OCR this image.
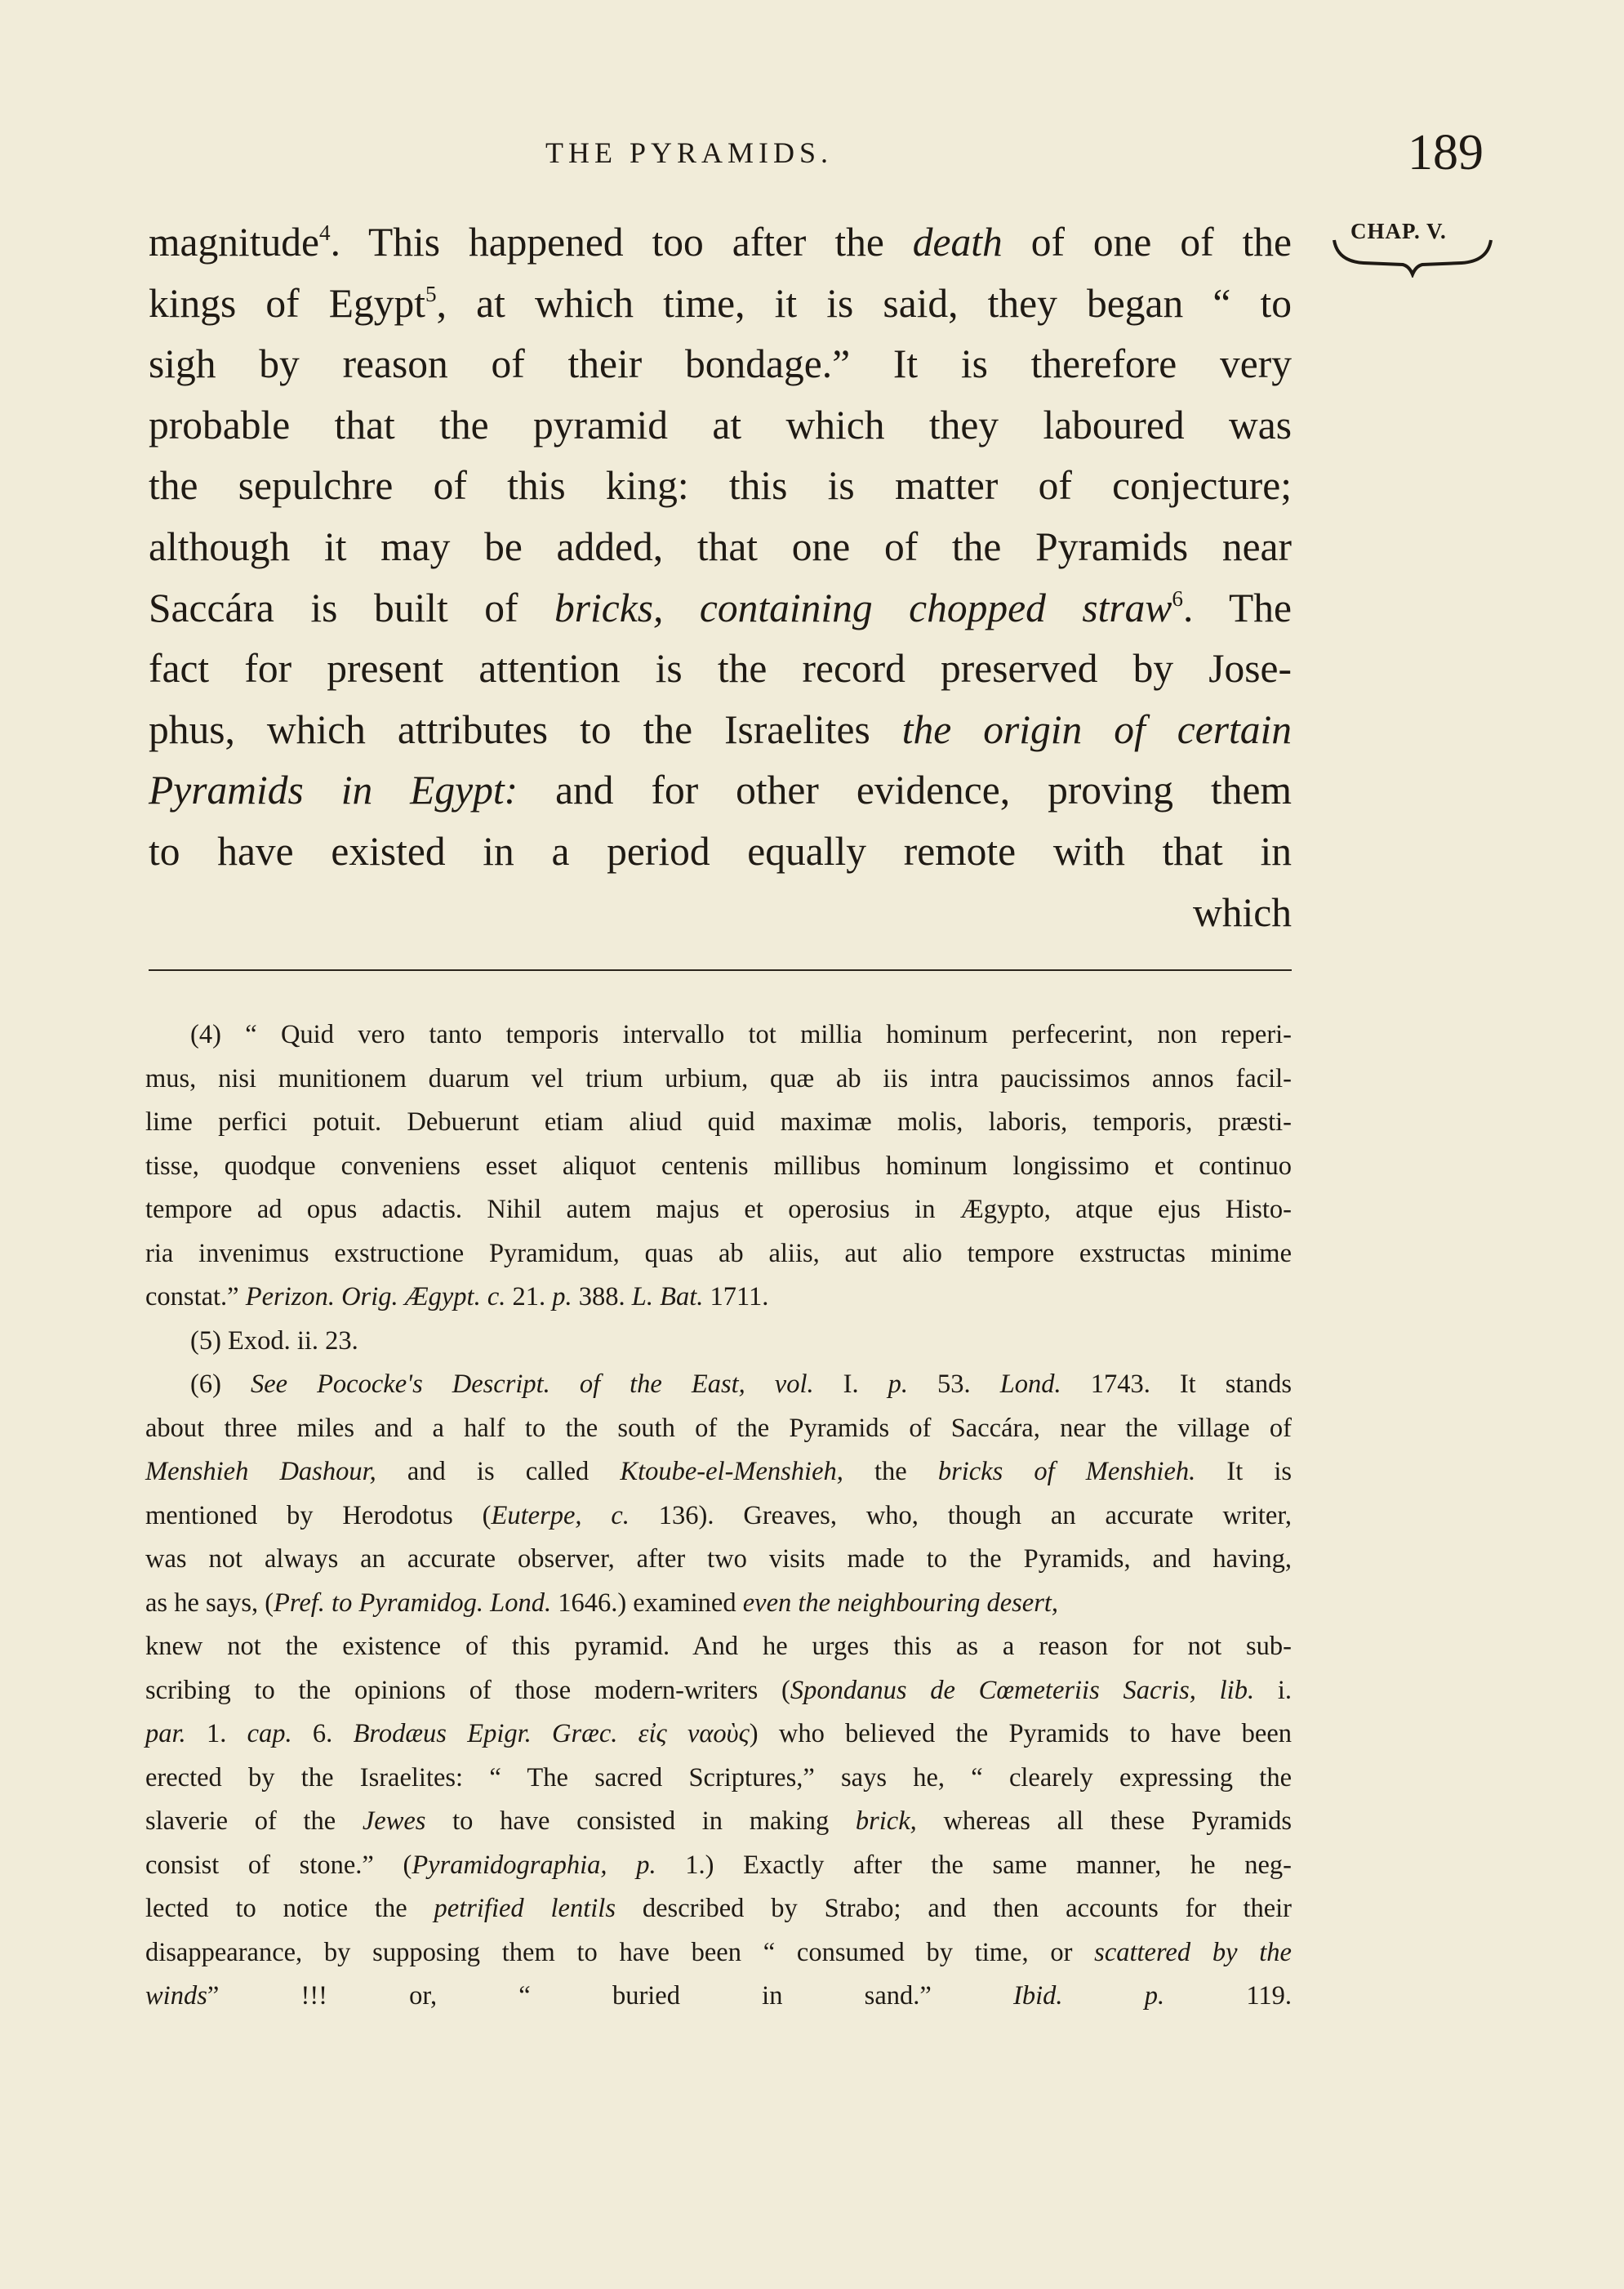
THE PYRAMIDS.	189
CHAP. V.
magnitude$^4$. This happened too after the death of one of the
kings of Egypt$^5$, at which time, it is said, they began “ to
sigh by reason of their bondage.” It is therefore very
probable that the pyramid at which they laboured was
the sepulchre of this king: this is matter of conjecture;
although it may be added, that one of the Pyramids near
Saccára is built of bricks, containing chopped straw$^6$. The
fact for present attention is the record preserved by Jose-
phus, which attributes to the Israelites the origin of certain
Pyramids in Egypt: and for other evidence, proving them
to have existed in a period equally remote with that in
which
(4) “ Quid vero tanto temporis intervallo tot millia hominum perfecerint, non reperi-
mus, nisi munitionem duarum vel trium urbium, quæ ab iis intra paucissimos annos facil-
lime perfici potuit. Debuerunt etiam aliud quid maximæ molis, laboris, temporis, præsti-
tisse, quodque conveniens esset aliquot centenis millibus hominum longissimo et continuo
tempore ad opus adactis. Nihil autem majus et operosius in Ægypto, atque ejus Histo-
ria invenimus exstructione Pyramidum, quas ab aliis, aut alio tempore exstructas minime
constat.” Perizon. Orig. Ægypt. c. 21. p. 388. L. Bat. 1711.
(5) Exod. ii. 23.
(6) See Pococke's Descript. of the East, vol. I. p. 53. Lond. 1743. It stands
about three miles and a half to the south of the Pyramids of Saccára, near the village of
Menshieh Dashour, and is called Ktoube-el-Menshieh, the bricks of Menshieh. It is
mentioned by Herodotus (Euterpe, c. 136). Greaves, who, though an accurate writer,
was not always an accurate observer, after two visits made to the Pyramids, and having,
as he says, (Pref. to Pyramidog. Lond. 1646.) examined even the neighbouring desert,
knew not the existence of this pyramid. And he urges this as a reason for not sub-
scribing to the opinions of those modern-writers (Spondanus de Cœmeteriis Sacris, lib. i.
par. 1. cap. 6. Brodæus Epigr. Græc. εἰς ναοὺς) who believed the Pyramids to have been
erected by the Israelites: “ The sacred Scriptures,” says he, “ clearely expressing the
slaverie of the Jewes to have consisted in making brick, whereas all these Pyramids
consist of stone.” (Pyramidographia, p. 1.) Exactly after the same manner, he neg-
lected to notice the petrified lentils described by Strabo; and then accounts for their
disappearance, by supposing them to have been “ consumed by time, or scattered by the
winds” !!! or, “ buried in sand.” Ibid. p. 119.
